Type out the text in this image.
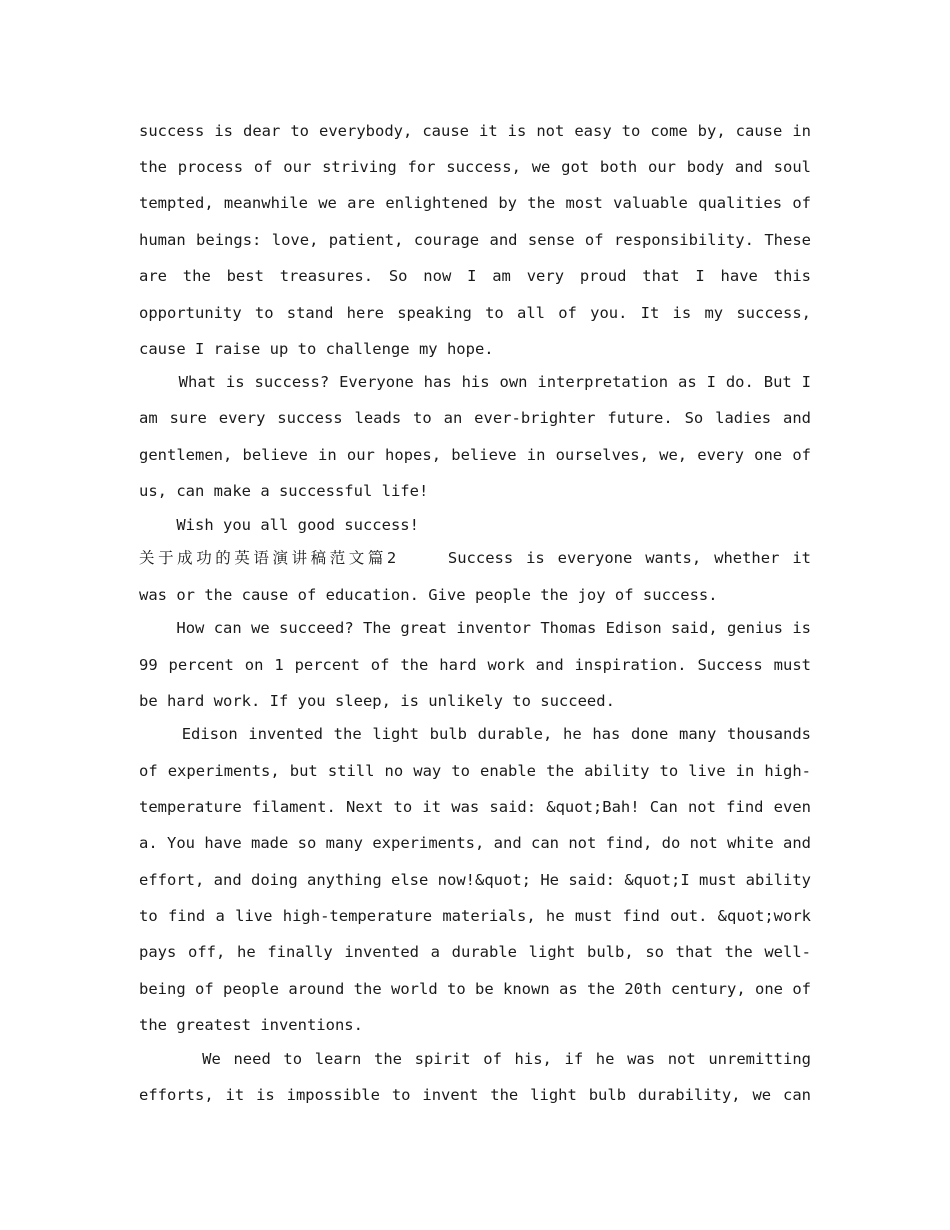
success is dear to everybody, cause it is not easy to come by, cause in

the process of our striving for success, we got both our body and soul

tempted, meanwhile we are enlightened by the most valuable qualities of

human beings: love, patient, courage and sense of responsibility. These

are the best treasures. So now I am very proud that I have this

opportunity to stand here speaking to all of you. It is my success,

cause I raise up to challenge my hope.

What is success? Everyone has his own interpretation as I do. But I

am sure every success leads to an ever-brighter future. So ladies and

gentlemen, believe in our hopes, believe in ourselves, we, every one of

us, can make a successful life!

Wish you all good success!

关于成功的英语演讲稿范文篇2    Success is everyone wants, whether it

was or the cause of education. Give people the joy of success.

How can we succeed? The great inventor Thomas Edison said, genius is

99 percent on 1 percent of the hard work and inspiration. Success must

be hard work. If you sleep, is unlikely to succeed.

Edison invented the light bulb durable, he has done many thousands

of experiments, but still no way to enable the ability to live in high-

temperature filament. Next to it was said: &quot;Bah! Can not find even

a. You have made so many experiments, and can not find, do not white and

effort, and doing anything else now!&quot; He said: &quot;I must ability

to find a live high-temperature materials, he must find out. &quot;work

pays off, he finally invented a durable light bulb, so that the well-

being of people around the world to be known as the 20th century, one of

the greatest inventions.

We need to learn the spirit of his, if he was not unremitting

efforts, it is impossible to invent the light bulb durability, we can
